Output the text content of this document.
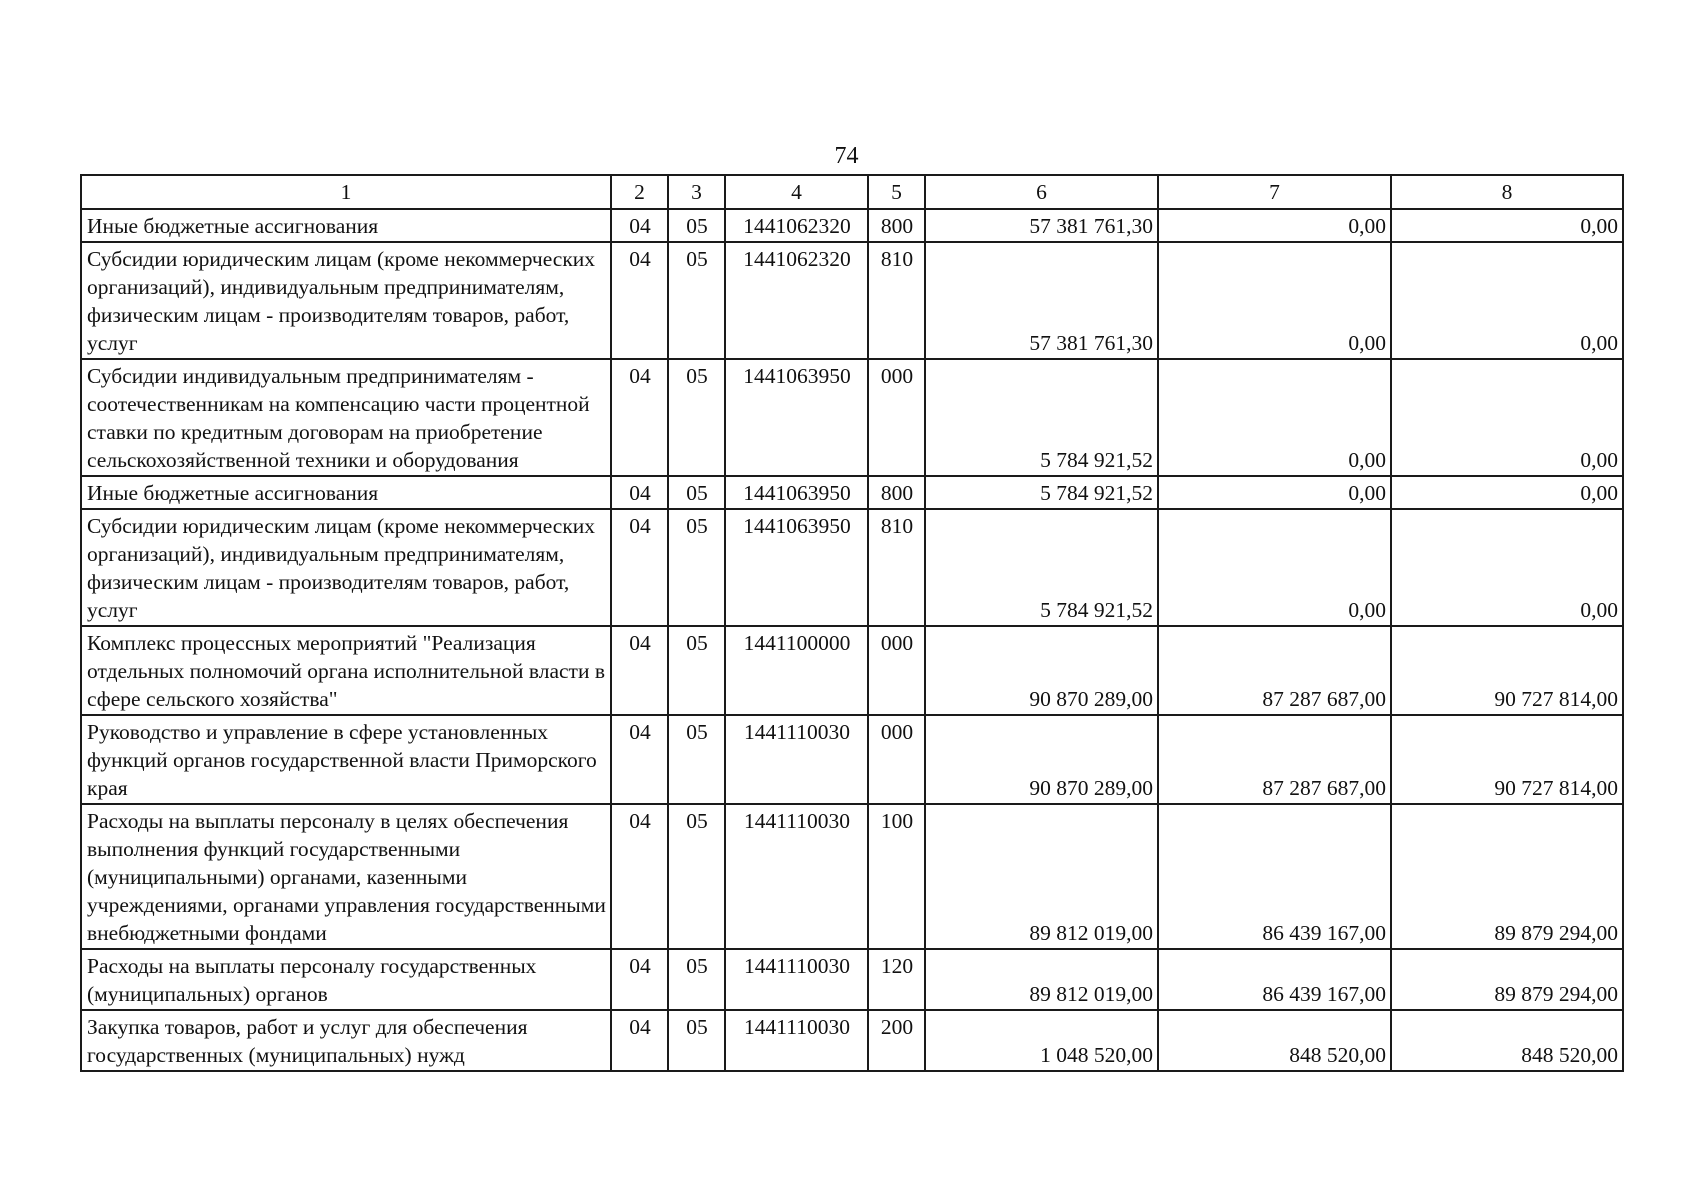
74
1	2	3	4	5	6	7	8
Иные бюджетные ассигнования	04	05	1441062320	800	57 381 761,30	0,00	0,00
Субсидии юридическим лицам (кроме некоммерческих организаций), индивидуальным предпринимателям, физическим лицам - производителям товаров, работ, услуг	04	05	1441062320	810	57 381 761,30	0,00	0,00
Субсидии индивидуальным предпринимателям - соотечественникам на компенсацию части процентной ставки по кредитным договорам на приобретение сельскохозяйственной техники и оборудования	04	05	1441063950	000	5 784 921,52	0,00	0,00
Иные бюджетные ассигнования	04	05	1441063950	800	5 784 921,52	0,00	0,00
Субсидии юридическим лицам (кроме некоммерческих организаций), индивидуальным предпринимателям, физическим лицам - производителям товаров, работ, услуг	04	05	1441063950	810	5 784 921,52	0,00	0,00
Комплекс процессных мероприятий "Реализация отдельных полномочий органа исполнительной власти в сфере сельского хозяйства"	04	05	1441100000	000	90 870 289,00	87 287 687,00	90 727 814,00
Руководство и управление в сфере установленных функций органов государственной власти Приморского края	04	05	1441110030	000	90 870 289,00	87 287 687,00	90 727 814,00
Расходы на выплаты персоналу в целях обеспечения выполнения функций государственными (муниципальными) органами, казенными учреждениями, органами управления государственными внебюджетными фондами	04	05	1441110030	100	89 812 019,00	86 439 167,00	89 879 294,00
Расходы на выплаты персоналу государственных (муниципальных) органов	04	05	1441110030	120	89 812 019,00	86 439 167,00	89 879 294,00
Закупка товаров, работ и услуг для обеспечения государственных (муниципальных) нужд	04	05	1441110030	200	1 048 520,00	848 520,00	848 520,00
